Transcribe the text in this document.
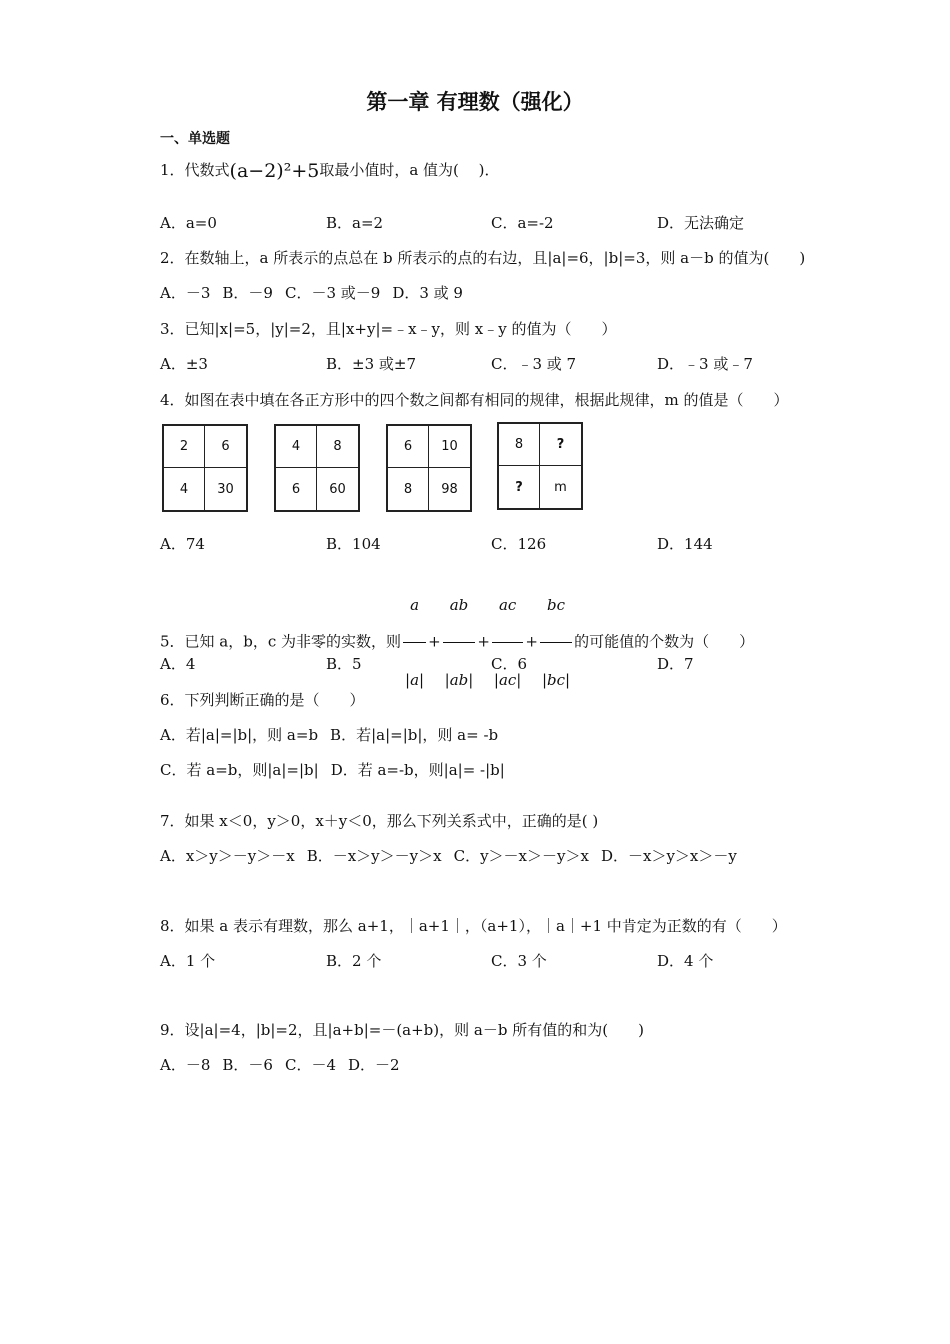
第一章 有理数（强化）
一、单选题
1．代数式(a−2)²+5取最小值时，a 值为(　 )．
A．a=0	B．a=2	C．a=-2	D．无法确定
2．在数轴上，a 所表示的点总在 b 所表示的点的右边，且|a|=6，|b|=3，则 a－b 的值为(　　)
A．－3 B．－9 C．－3 或－9 D．3 或 9
3．已知|x|=5，|y|=2，且|x+y|=﹣x﹣y，则 x﹣y 的值为（　　）
A．±3	B．±3 或±7	C．﹣3 或 7	D．﹣3 或﹣7
4．如图在表中填在各正方形中的四个数之间都有相同的规律，根据此规律，m 的值是（　　）
2	6
4	30
4	8
6	60
6	10
8	98
8	?
?	m
A．74	B．104	C．126	D．144
5．已知 a，b，c 为非零的实数，则 $\frac{a}{|a|} + \frac{ab}{|ab|} + \frac{ac}{|ac|} + \frac{bc}{|bc|}$ 的可能值的个数为（　　）
A．4	B．5	C．6	D．7
6．下列判断正确的是（　　）
A．若|a|=|b|，则 a=b B．若|a|=|b|，则 a= -b
C．若 a=b，则|a|=|b| D．若 a=-b，则|a|= -|b|
7．如果 x＜0，y＞0，x＋y＜0，那么下列关系式中，正确的是( )
A．x＞y＞－y＞－x B．－x＞y＞－y＞x C．y＞－x＞－y＞x D．－x＞y＞x＞－y
8．如果 a 表示有理数，那么 a+1，｜a+1｜，（a+1），｜a｜+1 中肯定为正数的有（　　）
A．1 个	B．2 个	C．3 个	D．4 个
9．设|a|=4，|b|=2，且|a+b|=－(a+b)，则 a－b 所有值的和为(　　)
A．－8 B．－6 C．－4 D．－2
